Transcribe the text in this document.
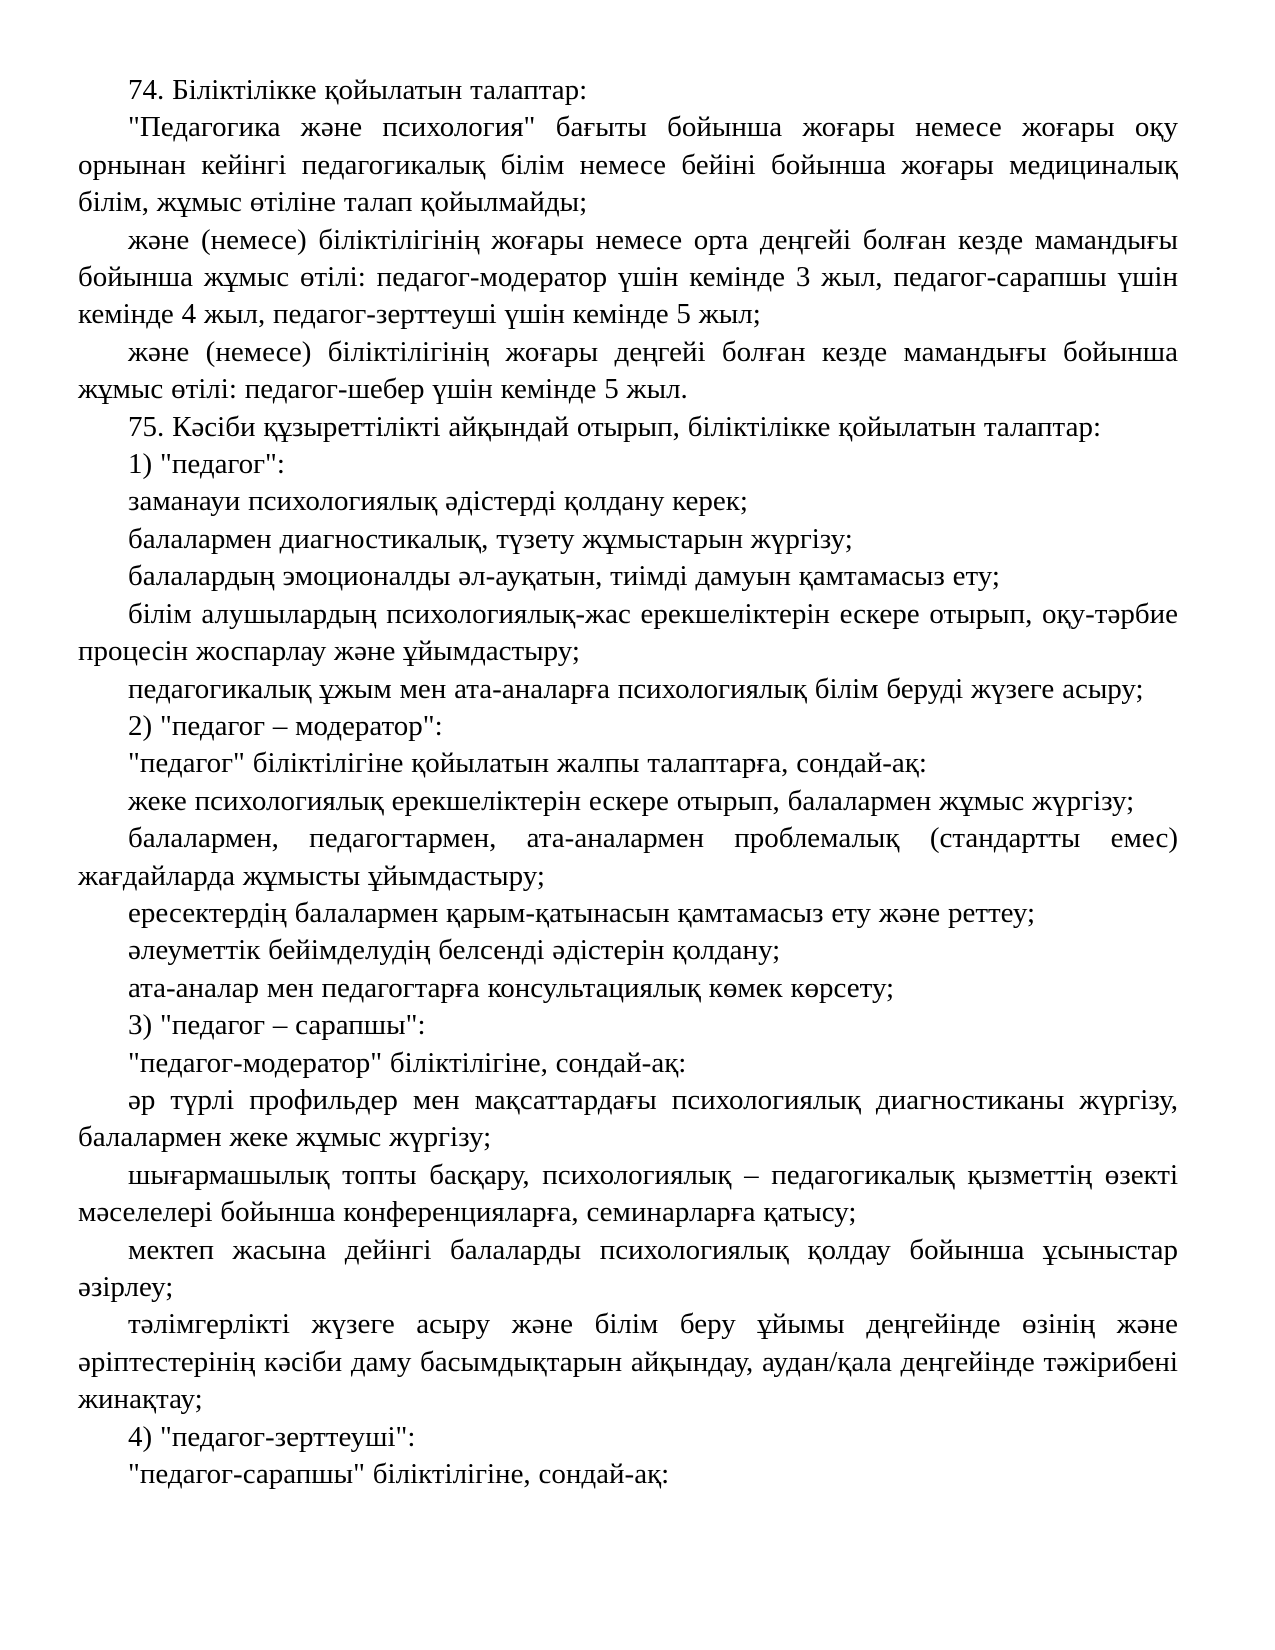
74. Біліктілікке қойылатын талаптар:

"Педагогика және психология" бағыты бойынша жоғары немесе жоғары оқу орнынан кейінгі педагогикалық білім немесе бейіні бойынша жоғары медициналық білім, жұмыс өтіліне талап қойылмайды;

және (немесе) біліктілігінің жоғары немесе орта деңгейі болған кезде мамандығы бойынша жұмыс өтілі: педагог-модератор үшін кемінде 3 жыл, педагог-сарапшы үшін кемінде 4 жыл, педагог-зерттеуші үшін кемінде 5 жыл;

және (немесе) біліктілігінің жоғары деңгейі болған кезде мамандығы бойынша жұмыс өтілі: педагог-шебер үшін кемінде 5 жыл.

75. Кәсіби құзыреттілікті айқындай отырып, біліктілікке қойылатын талаптар:

1) "педагог":

заманауи психологиялық әдістерді қолдану керек;

балалармен диагностикалық, түзету жұмыстарын жүргізу;

балалардың эмоционалды әл-ауқатын, тиімді дамуын қамтамасыз ету;

білім алушылардың психологиялық-жас ерекшеліктерін ескере отырып, оқу-тәрбие процесін жоспарлау және ұйымдастыру;

педагогикалық ұжым мен ата-аналарға психологиялық білім беруді жүзеге асыру;

2) "педагог – модератор":

"педагог" біліктілігіне қойылатын жалпы талаптарға, сондай-ақ:

жеке психологиялық ерекшеліктерін ескере отырып, балалармен жұмыс жүргізу;

балалармен, педагогтармен, ата-аналармен проблемалық (стандартты емес) жағдайларда жұмысты ұйымдастыру;

ересектердің балалармен қарым-қатынасын қамтамасыз ету және реттеу;

әлеуметтік бейімделудің белсенді әдістерін қолдану;

ата-аналар мен педагогтарға консультациялық көмек көрсету;

3) "педагог – сарапшы":

"педагог-модератор" біліктілігіне, сондай-ақ:

әр түрлі профильдер мен мақсаттардағы психологиялық диагностиканы жүргізу, балалармен жеке жұмыс жүргізу;

шығармашылық топты басқару, психологиялық – педагогикалық қызметтің өзекті мәселелері бойынша конференцияларға, семинарларға қатысу;

мектеп жасына дейінгі балаларды психологиялық қолдау бойынша ұсыныстар әзірлеу;

тәлімгерлікті жүзеге асыру және білім беру ұйымы деңгейінде өзінің және әріптестерінің кәсіби даму басымдықтарын айқындау, аудан/қала деңгейінде тәжірибені жинақтау;

4) "педагог-зерттеуші":

"педагог-сарапшы" біліктілігіне, сондай-ақ:
